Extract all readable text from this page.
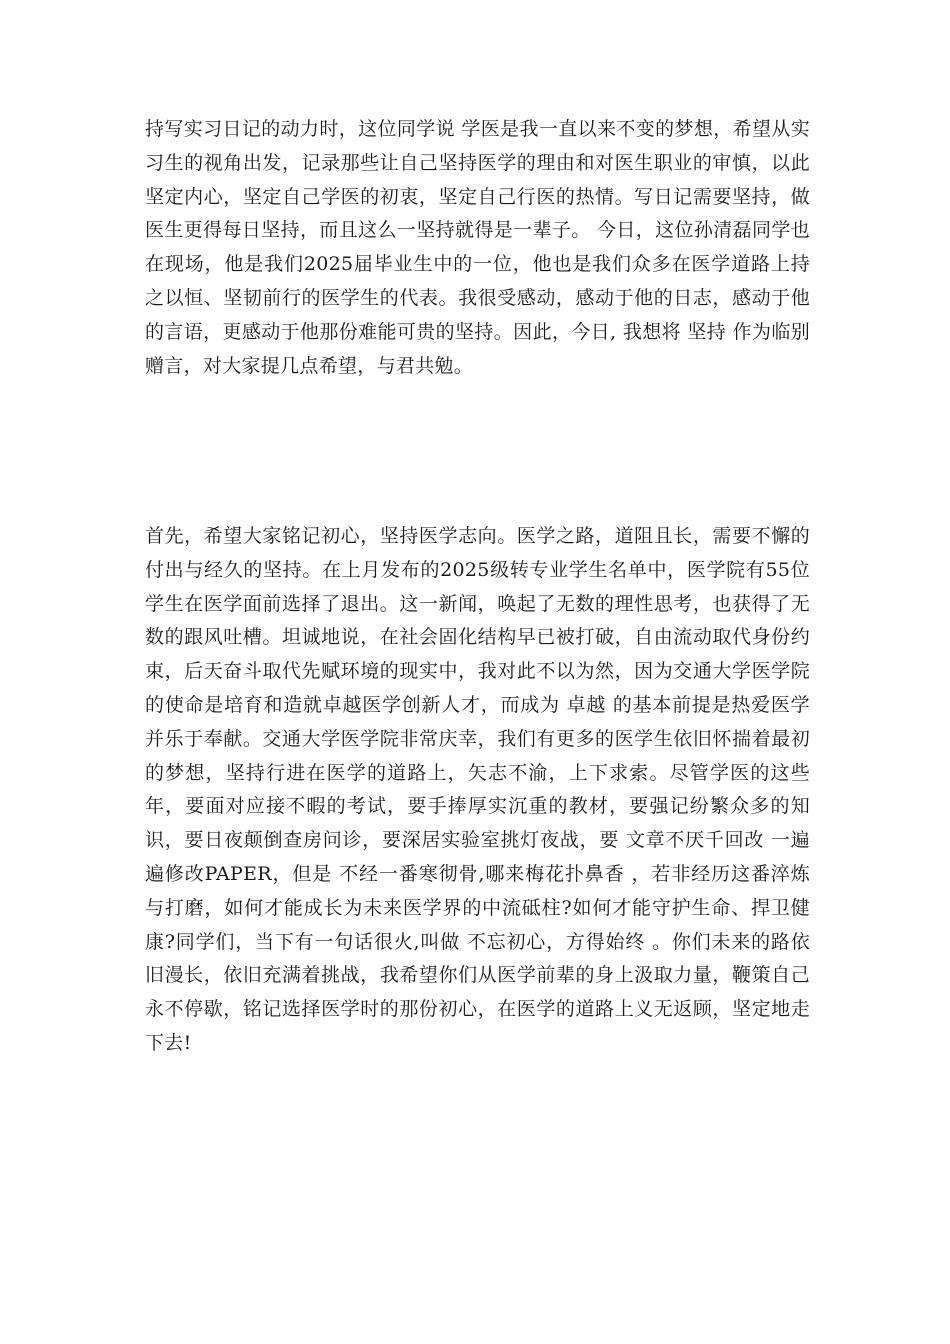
持写实习日记的动力时，这位同学说 学医是我一直以来不变的梦想，希望从实习生的视角出发，记录那些让自己坚持医学的理由和对医生职业的审慎，以此坚定内心，坚定自己学医的初衷，坚定自己行医的热情。写日记需要坚持，做医生更得每日坚持，而且这么一坚持就得是一辈子。 今日，这位孙清磊同学也在现场，他是我们2025届毕业生中的一位，他也是我们众多在医学道路上持之以恒、坚韧前行的医学生的代表。我很受感动，感动于他的日志，感动于他的言语，更感动于他那份难能可贵的坚持。因此，今日, 我想将 坚持 作为临别赠言，对大家提几点希望，与君共勉。

首先，希望大家铭记初心，坚持医学志向。医学之路，道阻且长，需要不懈的付出与经久的坚持。在上月发布的2025级转专业学生名单中，医学院有55位学生在医学面前选择了退出。这一新闻，唤起了无数的理性思考，也获得了无数的跟风吐槽。坦诚地说，在社会固化结构早已被打破，自由流动取代身份约束，后天奋斗取代先赋环境的现实中，我对此不以为然，因为交通大学医学院的使命是培育和造就卓越医学创新人才，而成为 卓越 的基本前提是热爱医学并乐于奉献。交通大学医学院非常庆幸，我们有更多的医学生依旧怀揣着最初的梦想，坚持行进在医学的道路上，矢志不渝，上下求索。尽管学医的这些年，要面对应接不暇的考试，要手捧厚实沉重的教材，要强记纷繁众多的知识，要日夜颠倒查房问诊，要深居实验室挑灯夜战，要 文章不厌千回改 一遍遍修改PAPER，但是 不经一番寒彻骨,哪来梅花扑鼻香 ，若非经历这番淬炼与打磨，如何才能成长为未来医学界的中流砥柱?如何才能守护生命、捍卫健康?同学们，当下有一句话很火,叫做 不忘初心，方得始终 。你们未来的路依旧漫长，依旧充满着挑战，我希望你们从医学前辈的身上汲取力量，鞭策自己永不停歇，铭记选择医学时的那份初心，在医学的道路上义无返顾，坚定地走下去!
